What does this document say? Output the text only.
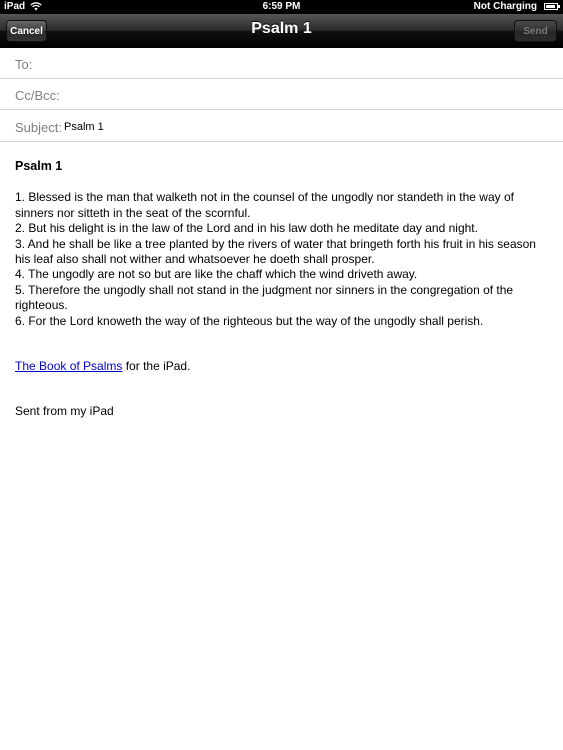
iPad	6:59 PM	Not Charging
Cancel	Psalm 1	Send
To:
Cc/Bcc:
Subject: Psalm 1

Psalm 1

1. Blessed is the man that walketh not in the counsel of the ungodly nor standeth in the way of sinners nor sitteth in the seat of the scornful.

2. But his delight is in the law of the Lord and in his law doth he meditate day and night.

3. And he shall be like a tree planted by the rivers of water that bringeth forth his fruit in his season his leaf also shall not wither and whatsoever he doeth shall prosper.

4. The ungodly are not so but are like the chaff which the wind driveth away.

5. Therefore the ungodly shall not stand in the judgment nor sinners in the congregation of the righteous.

6. For the Lord knoweth the way of the righteous but the way of the ungodly shall perish.

The Book of Psalms for the iPad.

Sent from my iPad
